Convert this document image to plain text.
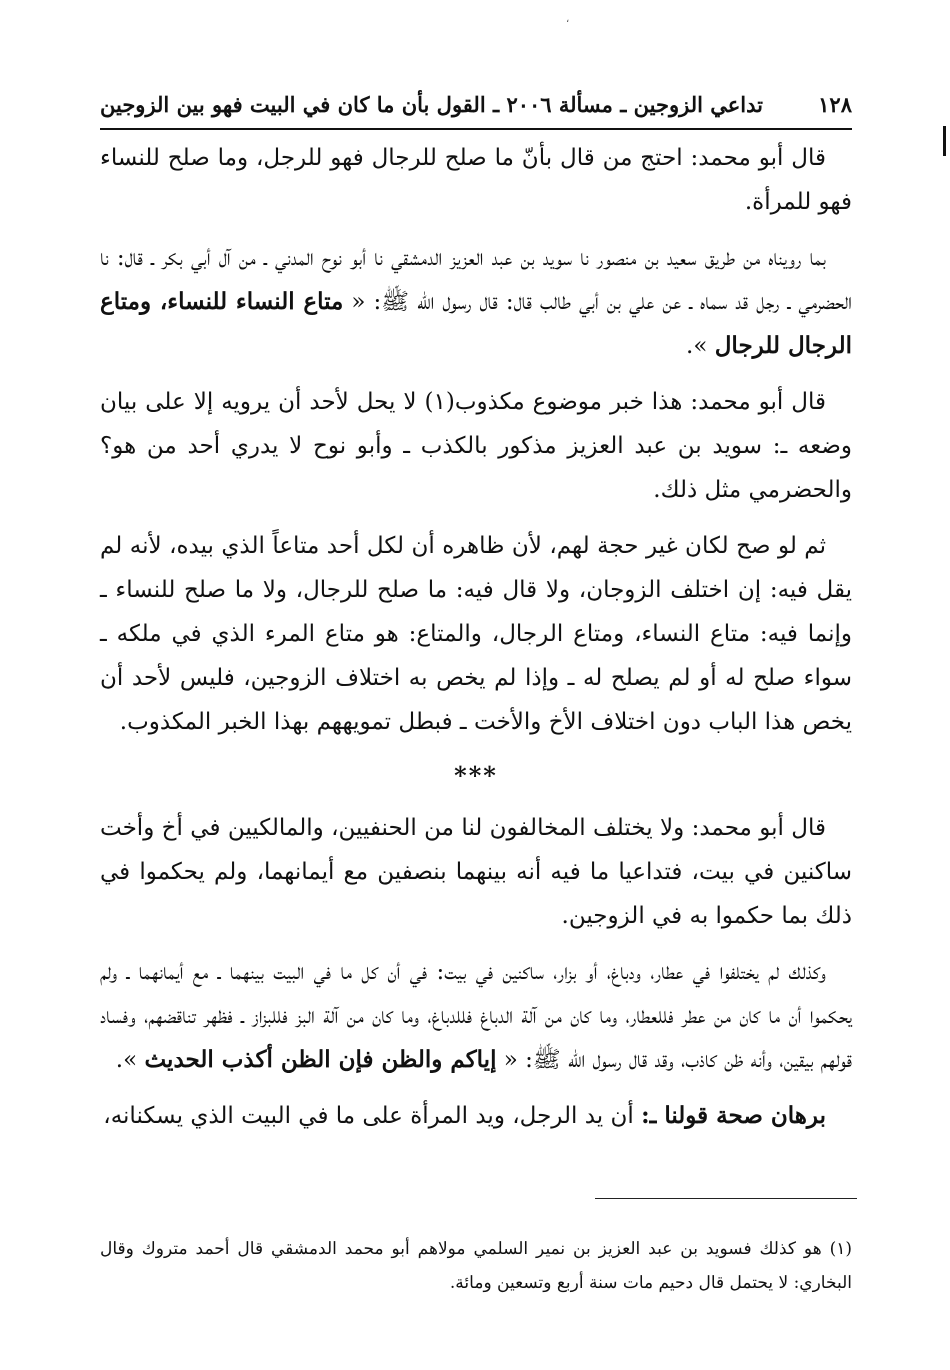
،
١٢٨
تداعي الزوجين ـ مسألة ٢٠٠٦ ـ القول بأن ما كان في البيت فهو بين الزوجين

قال أبو محمد: احتج من قال بأنّ ما صلح للرجال فهو للرجل، وما صلح للنساء فهو للمرأة.

بما رويناه من طريق سعيد بن منصور نا سويد بن عبد العزيز الدمشقي نا أبو نوح المدني ـ من آل أبي بكر ـ قال: نا الحضرمي ـ رجل قد سماه ـ عن علي بن أبي طالب قال: قال رسول الله ﷺ: « متاع النساء للنساء، ومتاع الرجال للرجال ».

قال أبو محمد: هذا خبر موضوع مكذوب(١) لا يحل لأحد أن يرويه إلا على بيان وضعه ـ: سويد بن عبد العزيز مذكور بالكذب ـ وأبو نوح لا يدري أحد من هو؟ والحضرمي مثل ذلك.

ثم لو صح لكان غير حجة لهم، لأن ظاهره أن لكل أحد متاعاً الذي بيده، لأنه لم يقل فيه: إن اختلف الزوجان، ولا قال فيه: ما صلح للرجال، ولا ما صلح للنساء ـ وإنما فيه: متاع النساء، ومتاع الرجال، والمتاع: هو متاع المرء الذي في ملكه ـ سواء صلح له أو لم يصلح له ـ وإذا لم يخص به اختلاف الزوجين، فليس لأحد أن يخص هذا الباب دون اختلاف الأخ والأخت ـ فبطل تمويههم بهذا الخبر المكذوب.

***

قال أبو محمد: ولا يختلف المخالفون لنا من الحنفيين، والمالكيين في أخ وأخت ساكنين في بيت، فتداعيا ما فيه أنه بينهما بنصفين مع أيمانهما، ولم يحكموا في ذلك بما حكموا به في الزوجين.

وكذلك لم يختلفوا في عطار، ودباغ، أو بزار، ساكنين في بيت: في أن كل ما في البيت بينهما ـ مع أيمانهما ـ ولم يحكموا أن ما كان من عطر فللعطار، وما كان من آلة الدباغ فللدباغ، وما كان من آلة البز فللبزاز ـ فظهر تناقضهم، وفساد قولهم بيقين، وأنه ظن كاذب، وقد قال رسول الله ﷺ: « إياكم والظن فإن الظن أكذب الحديث ».

برهان صحة قولنا ـ: أن يد الرجل، ويد المرأة على ما في البيت الذي يسكنانه،

(١) هو كذلك فسويد بن عبد العزيز بن نمير السلمي مولاهم أبو محمد الدمشقي قال أحمد متروك وقال البخاري: لا يحتمل قال دحيم مات سنة أربع وتسعين ومائة.
